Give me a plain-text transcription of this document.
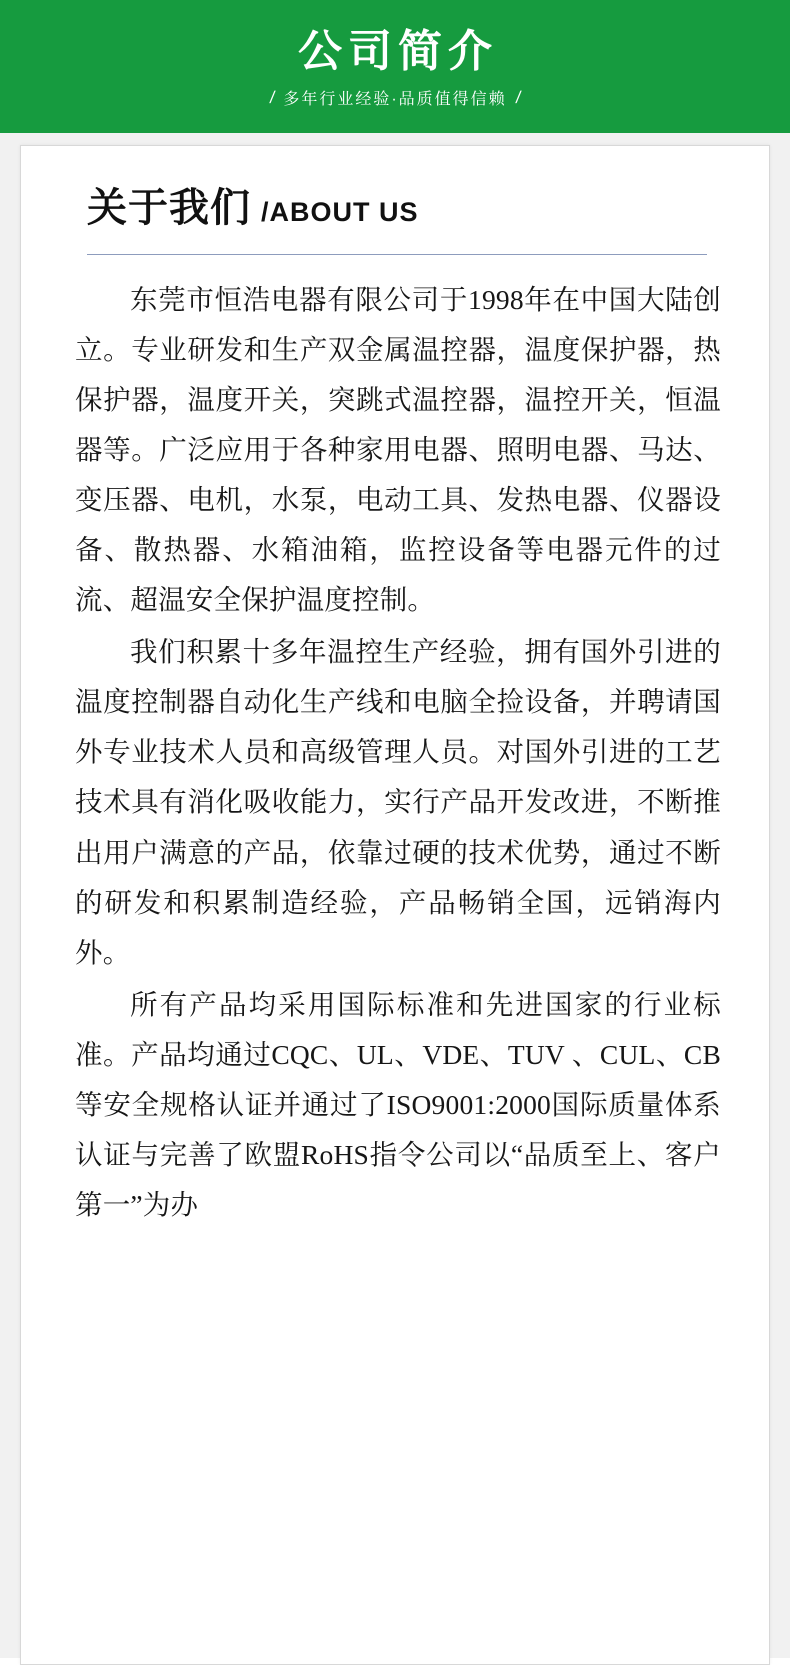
公司简介
/ 多年行业经验·品质值得信赖 /
关于我们 /ABOUT US

东莞市恒浩电器有限公司于1998年在中国大陆创立。专业研发和生产双金属温控器，温度保护器，热保护器，温度开关，突跳式温控器，温控开关，恒温器等。广泛应用于各种家用电器、照明电器、马达、变压器、电机，水泵，电动工具、发热电器、仪器设备、散热器、水箱油箱，监控设备等电器元件的过流、超温安全保护温度控制。

我们积累十多年温控生产经验，拥有国外引进的温度控制器自动化生产线和电脑全捡设备，并聘请国外专业技术人员和高级管理人员。对国外引进的工艺技术具有消化吸收能力，实行产品开发改进，不断推出用户满意的产品，依靠过硬的技术优势，通过不断的研发和积累制造经验，产品畅销全国，远销海内外。

所有产品均采用国际标准和先进国家的行业标准。产品均通过CQC、UL、VDE、TUV 、CUL、CB等安全规格认证并通过了ISO9001:2000国际质量体系认证与完善了欧盟RoHS指令公司以“品质至上、客户第一”为办
